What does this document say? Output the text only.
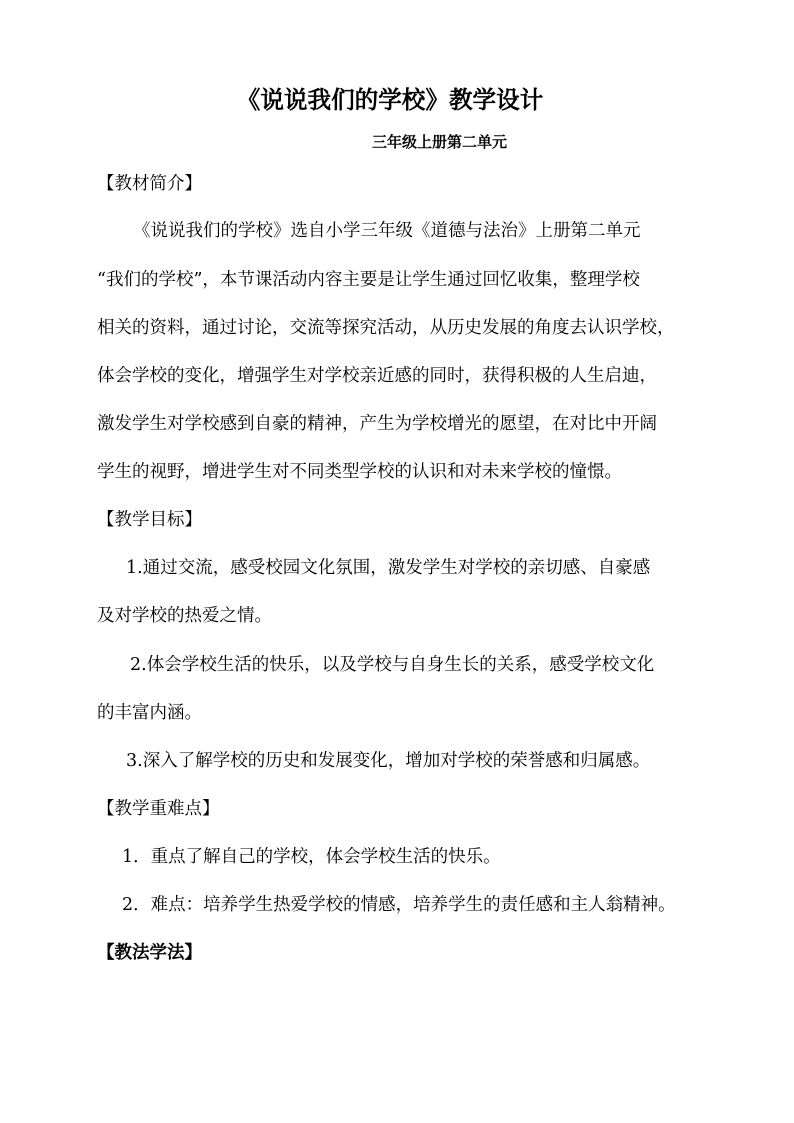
《说说我们的学校》教学设计
三年级上册第二单元
【教材简介】
《说说我们的学校》选自小学三年级《道德与法治》上册第二单元
“我们的学校”，本节课活动内容主要是让学生通过回忆收集，整理学校
相关的资料，通过讨论，交流等探究活动，从历史发展的角度去认识学校，
体会学校的变化，增强学生对学校亲近感的同时，获得积极的人生启迪，
激发学生对学校感到自豪的精神，产生为学校增光的愿望，在对比中开阔
学生的视野，增进学生对不同类型学校的认识和对未来学校的憧憬。
【教学目标】
1.通过交流，感受校园文化氛围，激发学生对学校的亲切感、自豪感
及对学校的热爱之情。
2.体会学校生活的快乐，以及学校与自身生长的关系，感受学校文化
的丰富内涵。
3.深入了解学校的历史和发展变化，增加对学校的荣誉感和归属感。
【教学重难点】
1．重点了解自己的学校，体会学校生活的快乐。
2．难点：培养学生热爱学校的情感，培养学生的责任感和主人翁精神。
【教法学法】
